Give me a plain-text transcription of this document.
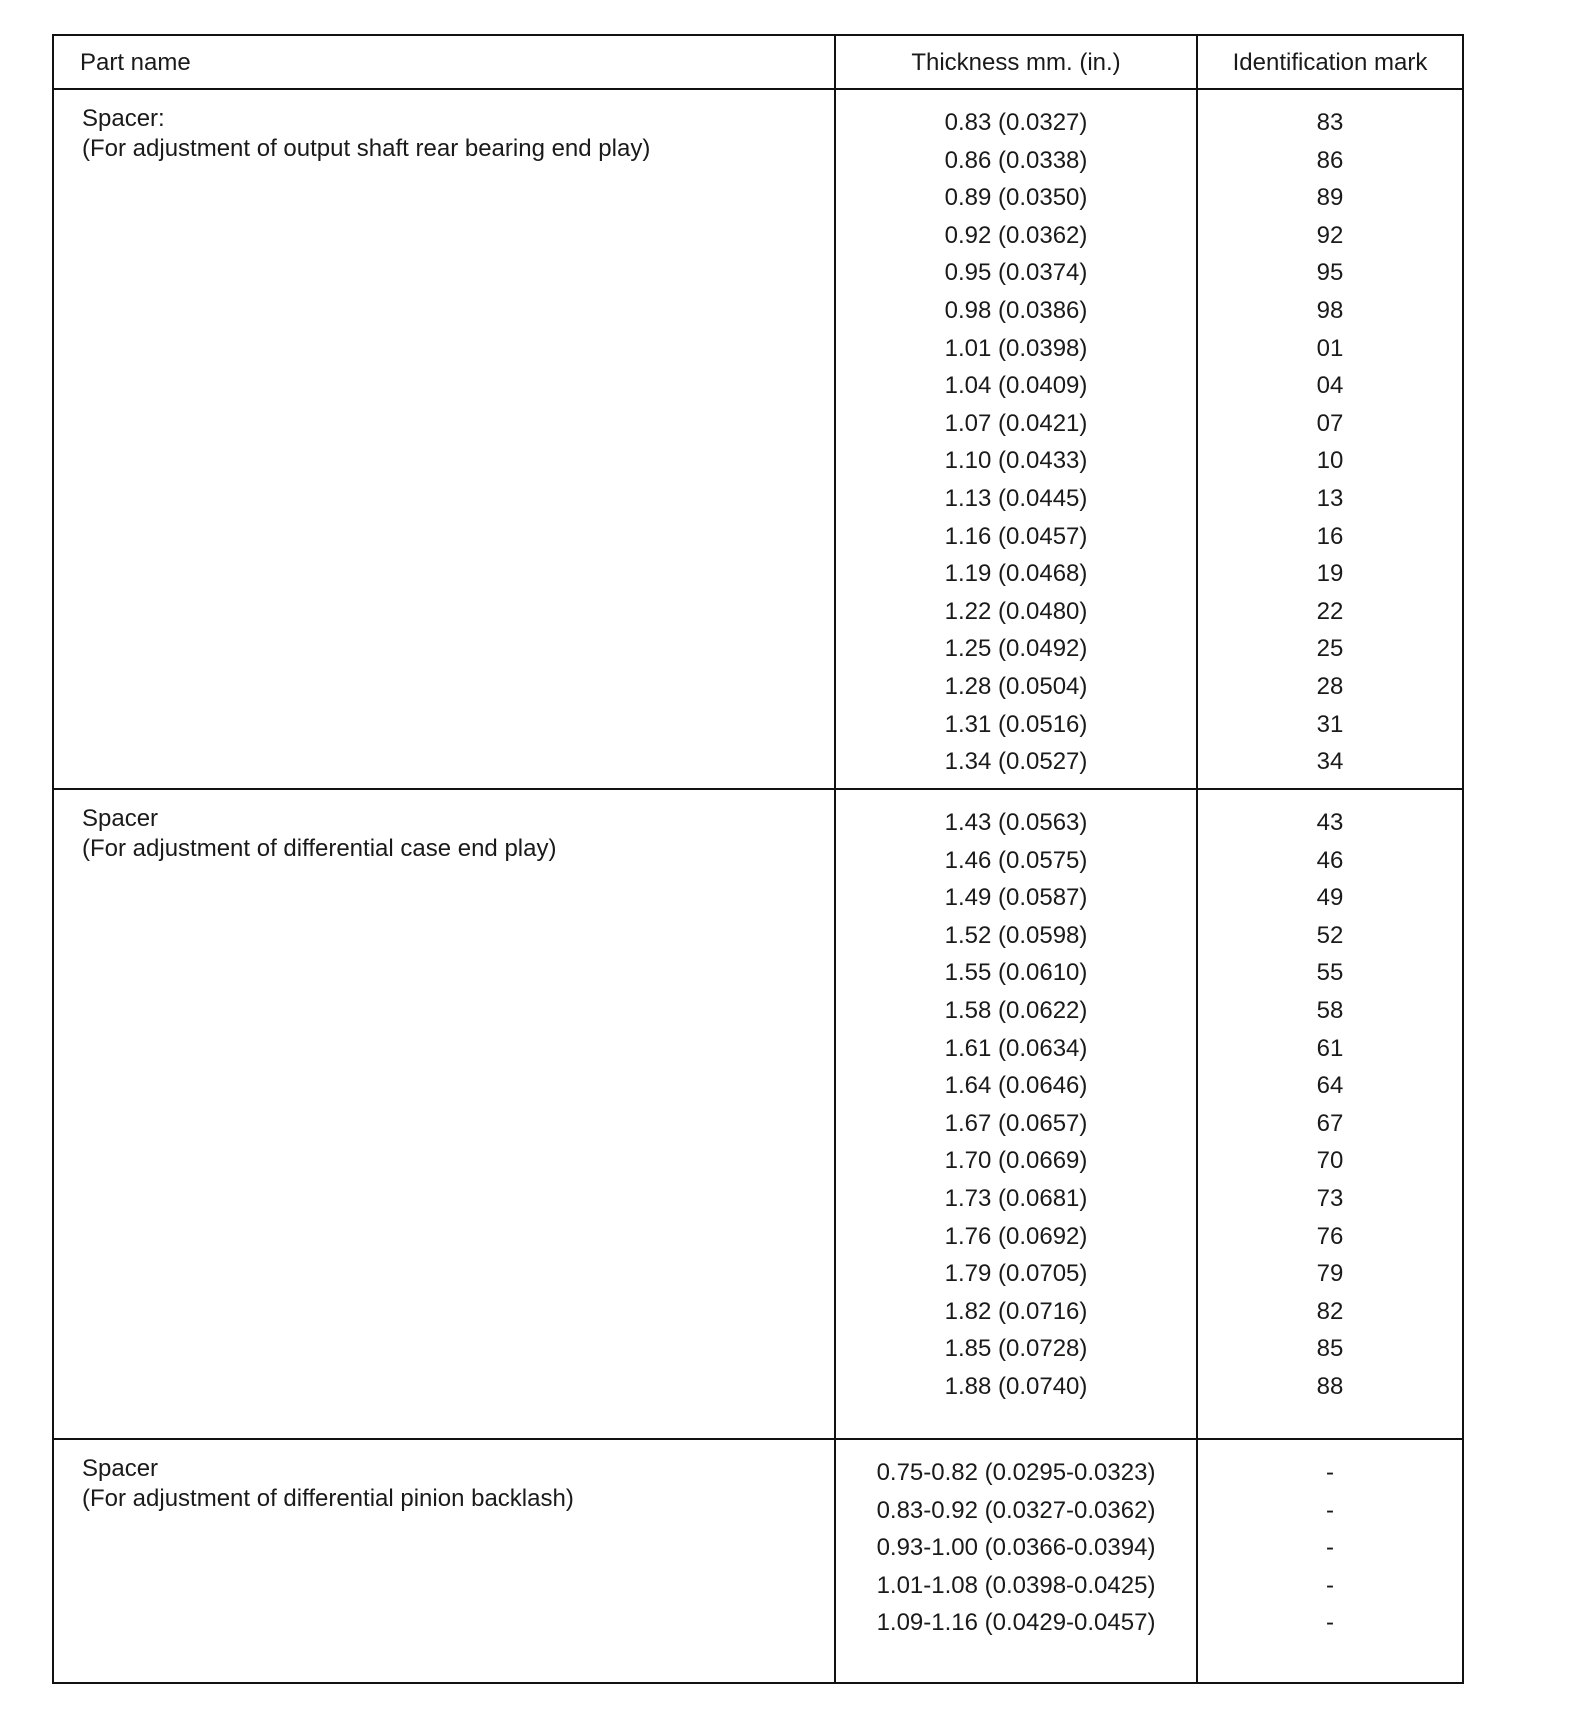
Part name	Thickness mm. (in.)	Identification mark
Spacer:
(For adjustment of output shaft rear bearing end play)
0.83 (0.0327)
0.86 (0.0338)
0.89 (0.0350)
0.92 (0.0362)
0.95 (0.0374)
0.98 (0.0386)
1.01 (0.0398)
1.04 (0.0409)
1.07 (0.0421)
1.10 (0.0433)
1.13 (0.0445)
1.16 (0.0457)
1.19 (0.0468)
1.22 (0.0480)
1.25 (0.0492)
1.28 (0.0504)
1.31 (0.0516)
1.34 (0.0527)
83
86
89
92
95
98
01
04
07
10
13
16
19
22
25
28
31
34
Spacer
(For adjustment of differential case end play)
1.43 (0.0563)
1.46 (0.0575)
1.49 (0.0587)
1.52 (0.0598)
1.55 (0.0610)
1.58 (0.0622)
1.61 (0.0634)
1.64 (0.0646)
1.67 (0.0657)
1.70 (0.0669)
1.73 (0.0681)
1.76 (0.0692)
1.79 (0.0705)
1.82 (0.0716)
1.85 (0.0728)
1.88 (0.0740)
43
46
49
52
55
58
61
64
67
70
73
76
79
82
85
88
Spacer
(For adjustment of differential pinion backlash)
0.75-0.82 (0.0295-0.0323)
0.83-0.92 (0.0327-0.0362)
0.93-1.00 (0.0366-0.0394)
1.01-1.08 (0.0398-0.0425)
1.09-1.16 (0.0429-0.0457)
-
-
-
-
-
